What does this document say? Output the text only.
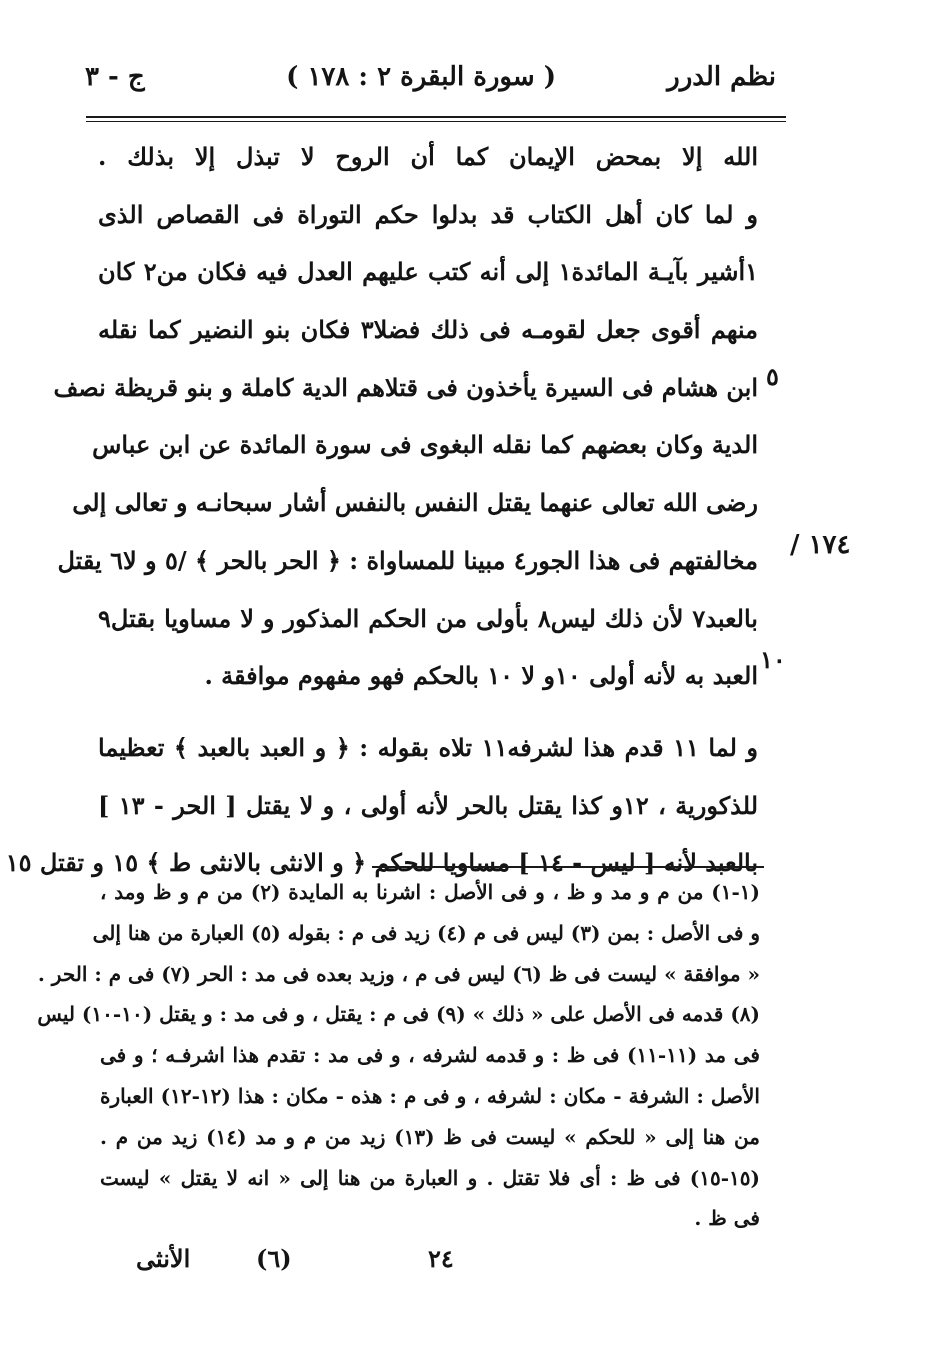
نظم الدرر
( سورة البقرة ٢ : ١٧٨ )
ج - ٣
الله إلا بمحض الإيمان كما أن الروح لا تبذل إلا بذلك .
و لما كان أهل الكتاب قد بدلوا حكم التوراة فى القصاص الذى
١أشير بآيـة المائدة١ إلى أنه كتب عليهم العدل فيه فكان من٢ كان
منهم أقوى جعل لقومـه فى ذلك فضلا٣ فكان بنو النضير كما نقله
ابن هشام فى السيرة يأخذون فى قتلاهم الدية كاملة و بنو قريظة نصف
الدية وكان بعضهم كما نقله البغوى فى سورة المائدة عن ابن عباس
رضى الله تعالى عنهما يقتل النفس بالنفس أشار سبحانـه و تعالى إلى
مخالفتهم فى هذا الجور٤ مبينا للمساواة : ﴿ الحر بالحر ﴾ /٥ و لا٦ يقتل
بالعبد٧ لأن ذلك ليس٨ بأولى من الحكم المذكور و لا مساويا بقتل٩
العبد به لأنه أولى ١٠و لا ١٠ بالحكم فهو مفهوم موافقة .
و لما ١١ قدم هذا لشرفه١١ تلاه بقوله : ﴿ و العبد بالعبد ﴾ تعظيما
للذكورية ، ١٢و كذا يقتل بالحر لأنه أولى ، و لا يقتل [ الحر - ١٣ ]
بالعبد لأنه [ ليس - ١٤ ] مساويا للحكم ﴿ و الانثى بالانثى ط ﴾ ١٥ و تقتل ١٥
٥
١٠
١٧٤ /
(١-١) من م و مد و ظ ، و فى الأصل : اشرنا به المايدة (٢) من م و ظ ومد ،
و فى الأصل : بمن (٣) ليس فى م (٤) زيد فى م : بقوله (٥) العبارة من هنا إلى
« موافقة » ليست فى ظ (٦) ليس فى م ، وزيد بعده فى مد : الحر (٧) فى م : الحر .
(٨) قدمه فى الأصل على « ذلك » (٩) فى م : يقتل ، و فى مد : و يقتل (١٠-١٠) ليس
فى مد (١١-١١) فى ظ : و قدمه لشرفه ، و فى مد : تقدم هذا اشرفـه ؛ و فى
الأصل : الشرفة - مكان : لشرفه ، و فى م : هذه - مكان : هذا (١٢-١٢) العبارة
من هنا إلى « للحكم » ليست فى ظ (١٣) زيد من م و مد (١٤) زيد من م .
(١٥-١٥) فى ظ : أى فلا تقتل . و العبارة من هنا إلى « انه لا يقتل » ليست
فى ظ .
الأنثى	(٦)	٢٤
